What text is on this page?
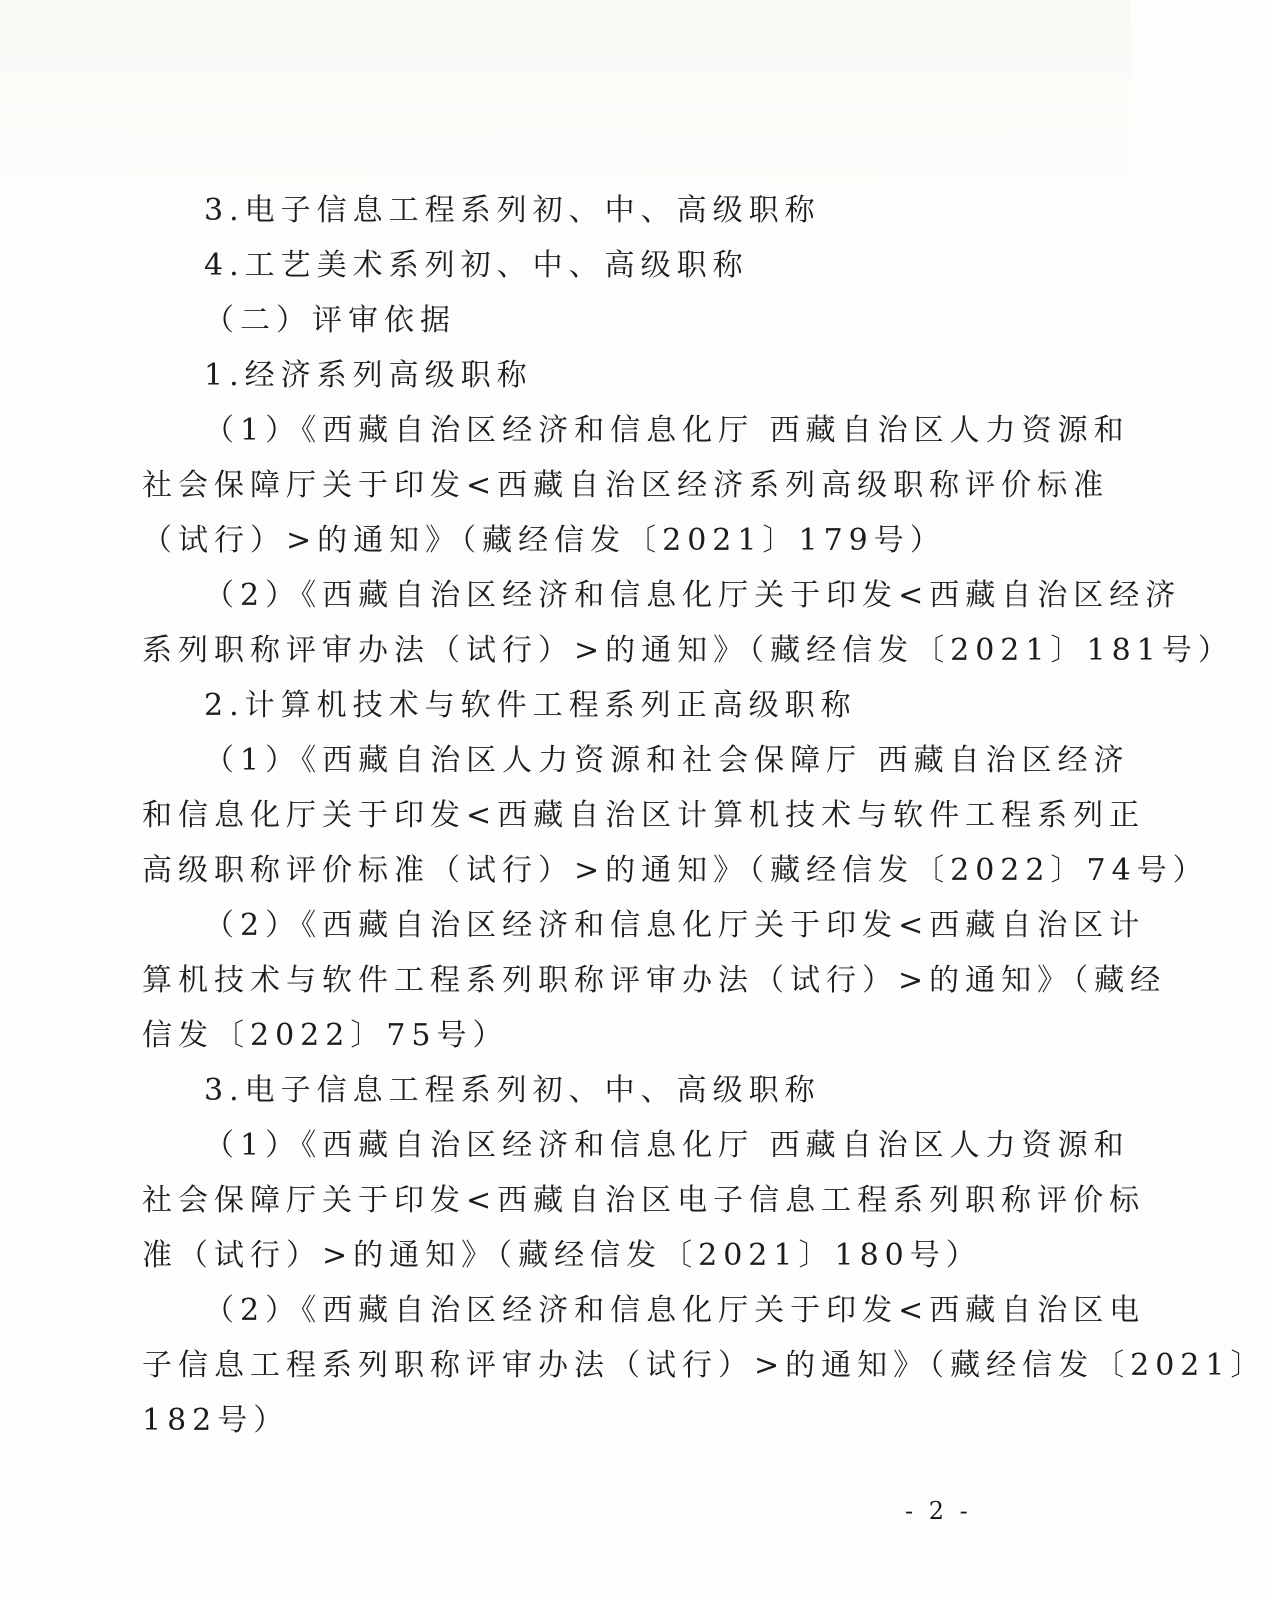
3.电子信息工程系列初、中、高级职称
4.工艺美术系列初、中、高级职称
（二）评审依据
1.经济系列高级职称
（1）《西藏自治区经济和信息化厅 西藏自治区人力资源和
社会保障厅关于印发<西藏自治区经济系列高级职称评价标准
（试行）>的通知》（藏经信发〔2021〕179号）
（2）《西藏自治区经济和信息化厅关于印发<西藏自治区经济
系列职称评审办法（试行）>的通知》（藏经信发〔2021〕181号）
2.计算机技术与软件工程系列正高级职称
（1）《西藏自治区人力资源和社会保障厅 西藏自治区经济
和信息化厅关于印发<西藏自治区计算机技术与软件工程系列正
高级职称评价标准（试行）>的通知》（藏经信发〔2022〕74号）
（2）《西藏自治区经济和信息化厅关于印发<西藏自治区计
算机技术与软件工程系列职称评审办法（试行）>的通知》（藏经
信发〔2022〕75号）
3.电子信息工程系列初、中、高级职称
（1）《西藏自治区经济和信息化厅 西藏自治区人力资源和
社会保障厅关于印发<西藏自治区电子信息工程系列职称评价标
准（试行）>的通知》（藏经信发〔2021〕180号）
（2）《西藏自治区经济和信息化厅关于印发<西藏自治区电
子信息工程系列职称评审办法（试行）>的通知》（藏经信发〔2021〕
182号）
- 2 -
